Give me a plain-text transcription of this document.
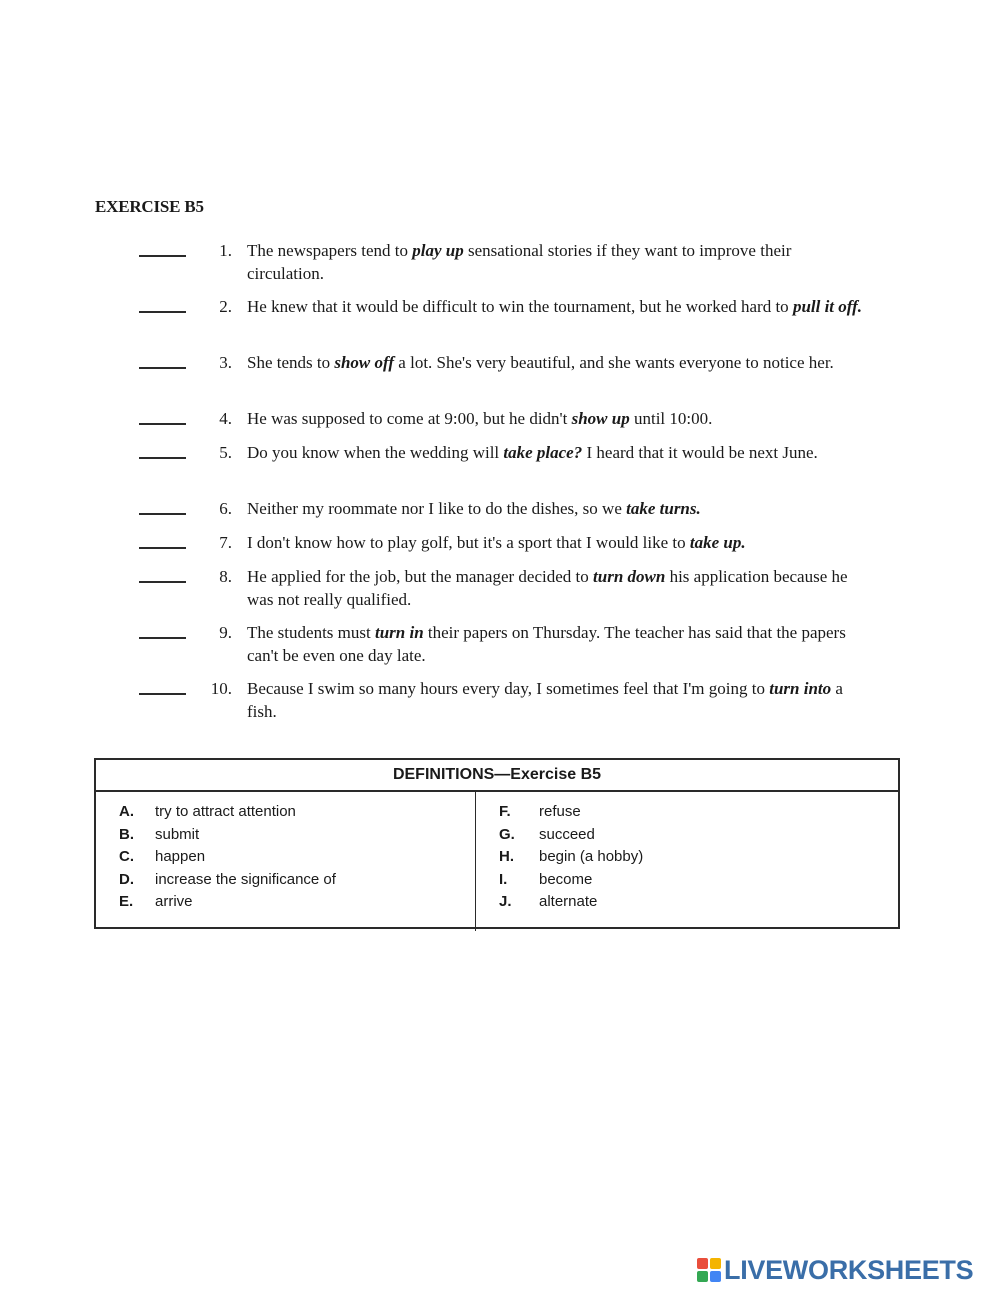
EXERCISE B5
1. The newspapers tend to play up sensational stories if they want to improve their circulation.
2. He knew that it would be difficult to win the tournament, but he worked hard to pull it off.
3. She tends to show off a lot. She's very beautiful, and she wants everyone to notice her.
4. He was supposed to come at 9:00, but he didn't show up until 10:00.
5. Do you know when the wedding will take place? I heard that it would be next June.
6. Neither my roommate nor I like to do the dishes, so we take turns.
7. I don't know how to play golf, but it's a sport that I would like to take up.
8. He applied for the job, but the manager decided to turn down his application because he was not really qualified.
9. The students must turn in their papers on Thursday. The teacher has said that the papers can't be even one day late.
10. Because I swim so many hours every day, I sometimes feel that I'm going to turn into a fish.
DEFINITIONS—Exercise B5
A. try to attract attention
B. submit
C. happen
D. increase the significance of
E. arrive
F. refuse
G. succeed
H. begin (a hobby)
I. become
J. alternate
LIVEWORKSHEETS
